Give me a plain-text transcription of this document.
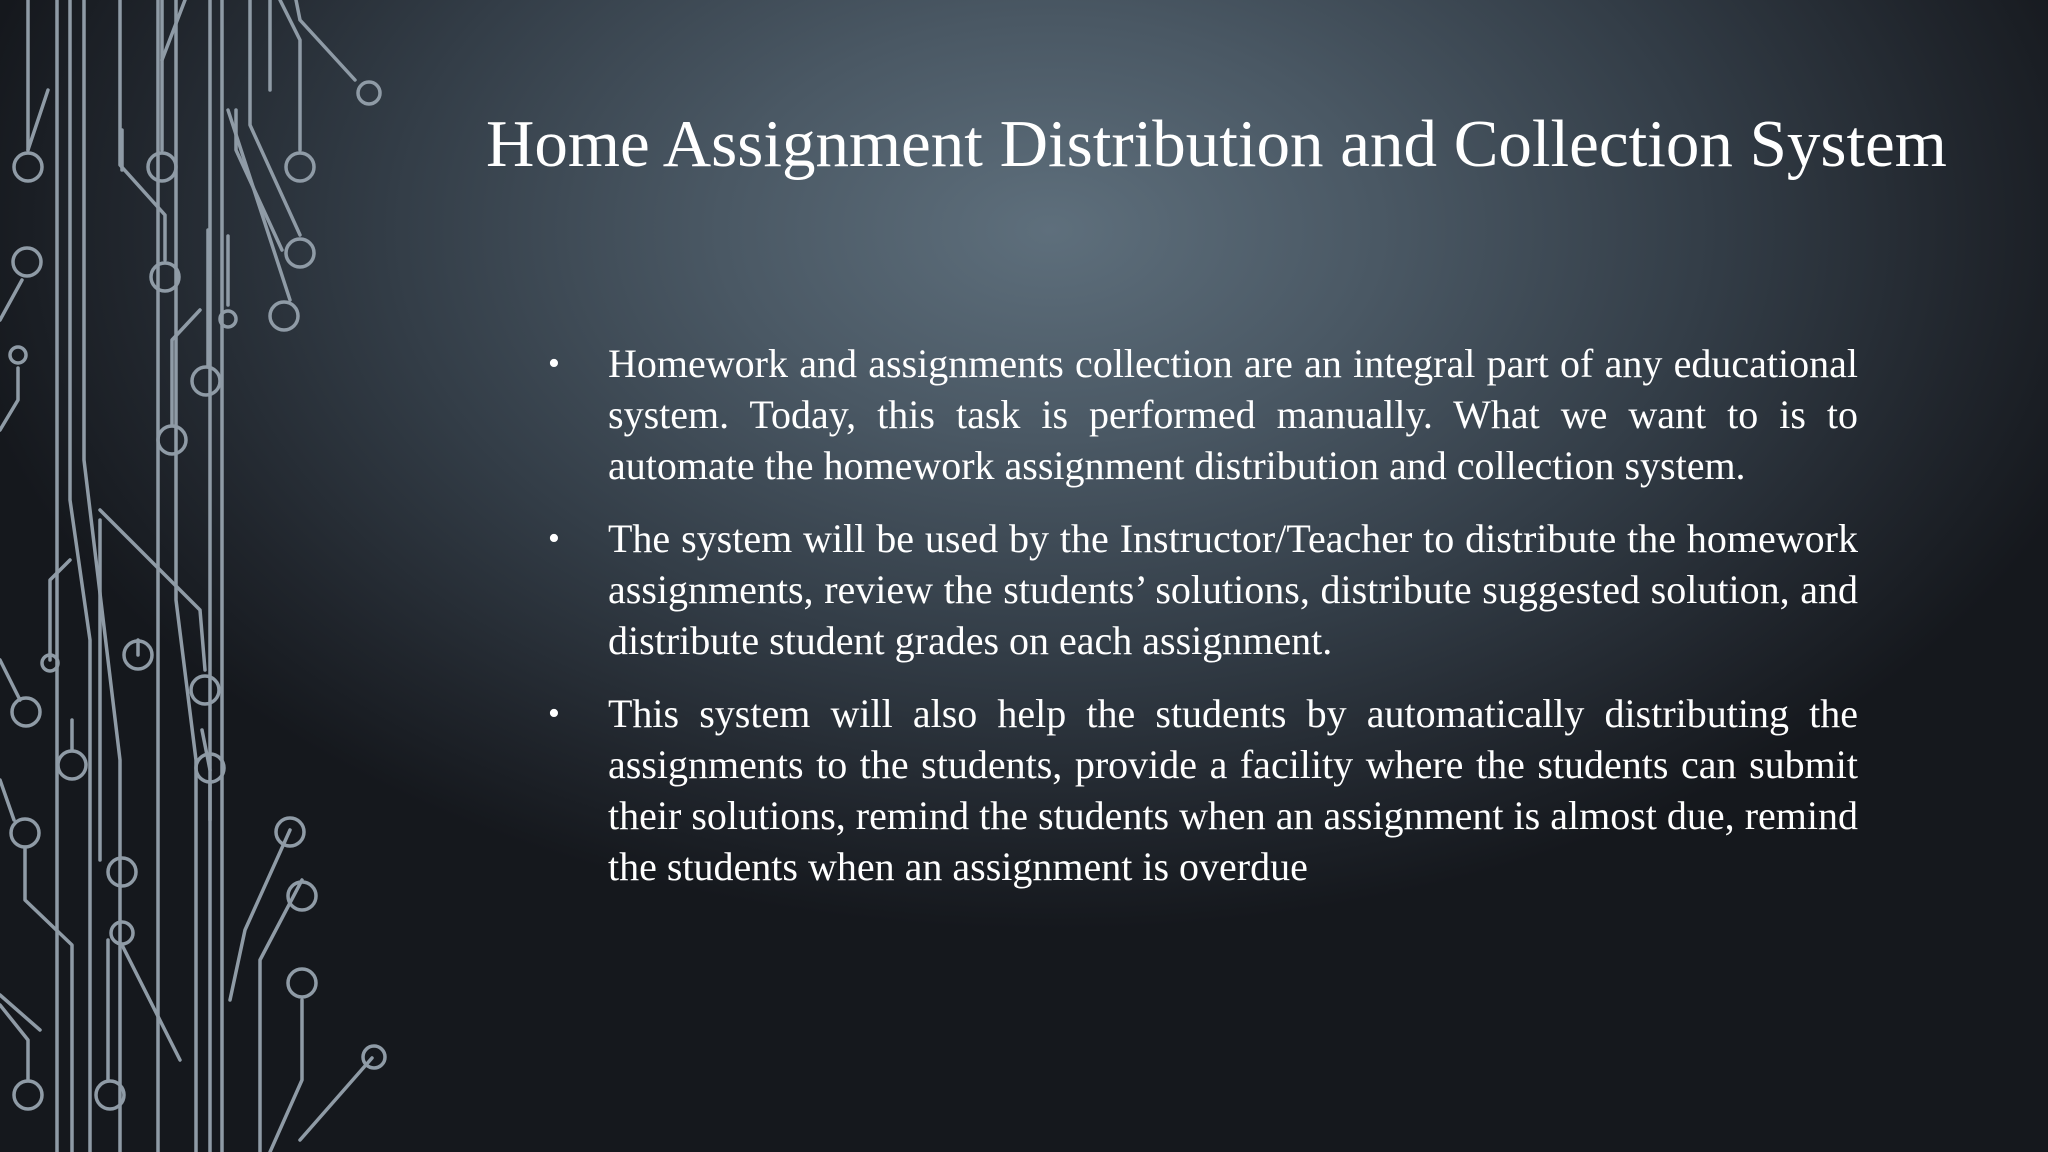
Home Assignment Distribution and Collection System
•	Homework and assignments collection are an integral part of any educational system. Today, this task is performed manually. What we want to is to automate the homework assignment distribution and collection system.
•	The system will be used by the Instructor/Teacher to distribute the homework assignments, review the students’ solutions, distribute suggested solution, and distribute student grades on each assignment.
•	This system will also help the students by automatically distributing the assignments to the students, provide a facility where the students can submit their solutions, remind the students when an assignment is almost due, remind the students when an assignment is overdue
